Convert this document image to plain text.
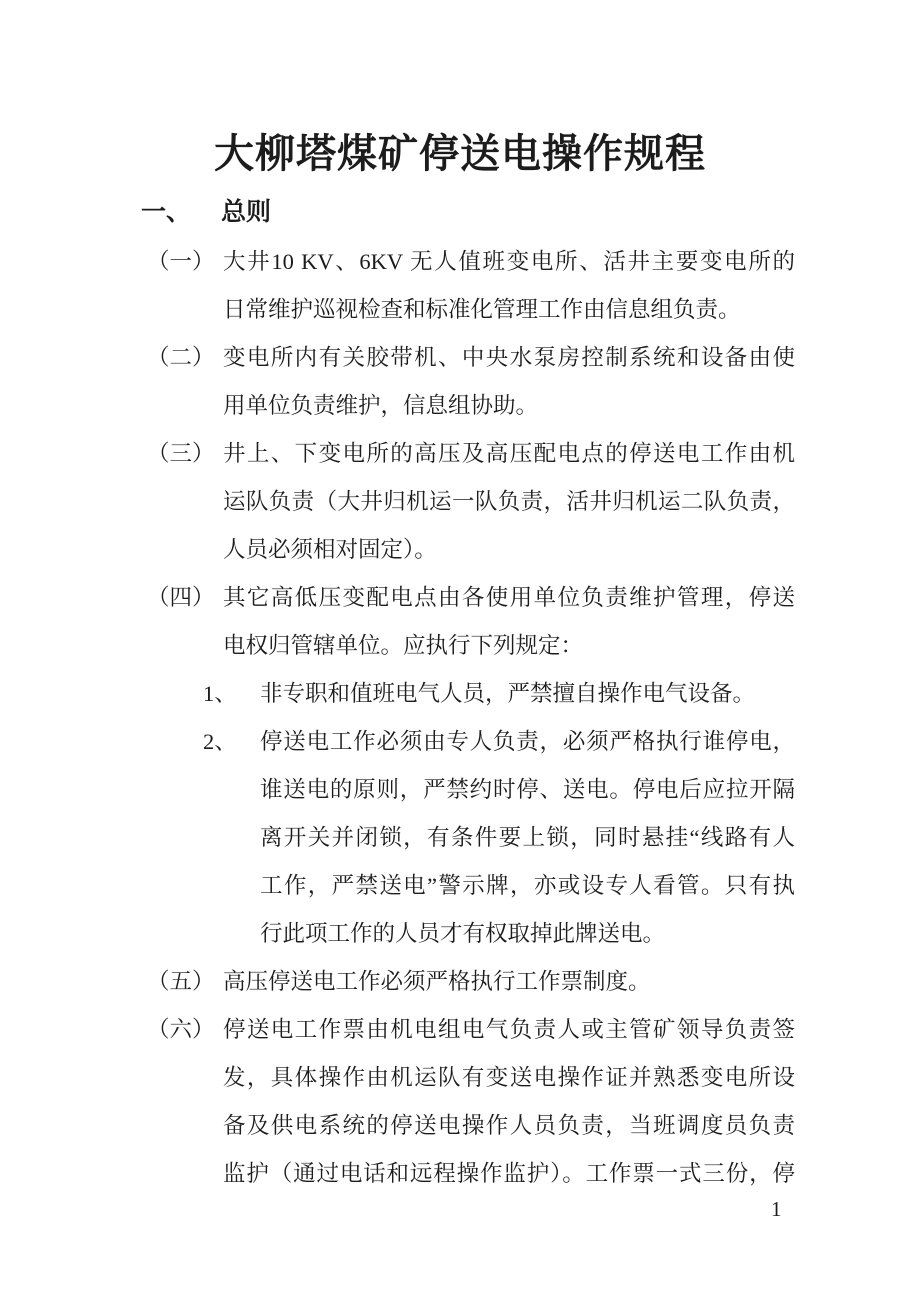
大柳塔煤矿停送电操作规程
一、 总则
（一） 大井10 KV、6KV 无人值班变电所、活井主要变电所的
日常维护巡视检查和标准化管理工作由信息组负责。
（二） 变电所内有关胶带机、中央水泵房控制系统和设备由使
用单位负责维护，信息组协助。
（三） 井上、下变电所的高压及高压配电点的停送电工作由机
运队负责（大井归机运一队负责，活井归机运二队负责，
人员必须相对固定）。
（四） 其它高低压变配电点由各使用单位负责维护管理，停送
电权归管辖单位。应执行下列规定：
1、 非专职和值班电气人员，严禁擅自操作电气设备。
2、 停送电工作必须由专人负责，必须严格执行谁停电，
谁送电的原则，严禁约时停、送电。停电后应拉开隔
离开关并闭锁，有条件要上锁，同时悬挂“线路有人
工作，严禁送电”警示牌，亦或设专人看管。只有执
行此项工作的人员才有权取掉此牌送电。
（五） 高压停送电工作必须严格执行工作票制度。
（六） 停送电工作票由机电组电气负责人或主管矿领导负责签
发，具体操作由机运队有变送电操作证并熟悉变电所设
备及供电系统的停送电操作人员负责，当班调度员负责
监护（通过电话和远程操作监护）。工作票一式三份，停
1
